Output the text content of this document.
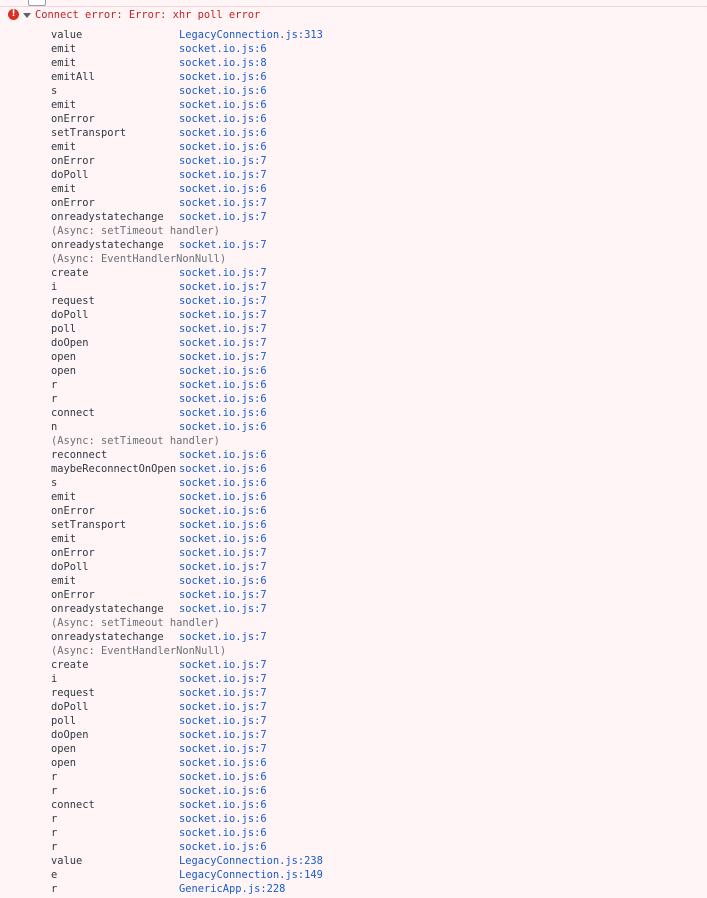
!	Connect error: Error: xhr poll error
value	LegacyConnection.js:313
emit	socket.io.js:6
emit	socket.io.js:8
emitAll	socket.io.js:6
s	socket.io.js:6
emit	socket.io.js:6
onError	socket.io.js:6
setTransport	socket.io.js:6
emit	socket.io.js:6
onError	socket.io.js:7
doPoll	socket.io.js:7
emit	socket.io.js:6
onError	socket.io.js:7
onreadystatechange socket.io.js:7
(Async: setTimeout handler)
onreadystatechange socket.io.js:7
(Async: EventHandlerNonNull)
create	socket.io.js:7
i	socket.io.js:7
request	socket.io.js:7
doPoll	socket.io.js:7
poll	socket.io.js:7
doOpen	socket.io.js:7
open	socket.io.js:7
open	socket.io.js:6
r	socket.io.js:6
r	socket.io.js:6
connect	socket.io.js:6
n	socket.io.js:6
(Async: setTimeout handler)
reconnect	socket.io.js:6
maybeReconnectOnOpen socket.io.js:6
s	socket.io.js:6
emit	socket.io.js:6
onError	socket.io.js:6
setTransport	socket.io.js:6
emit	socket.io.js:6
onError	socket.io.js:7
doPoll	socket.io.js:7
emit	socket.io.js:6
onError	socket.io.js:7
onreadystatechange socket.io.js:7
(Async: setTimeout handler)
onreadystatechange socket.io.js:7
(Async: EventHandlerNonNull)
create	socket.io.js:7
i	socket.io.js:7
request	socket.io.js:7
doPoll	socket.io.js:7
poll	socket.io.js:7
doOpen	socket.io.js:7
open	socket.io.js:7
open	socket.io.js:6
r	socket.io.js:6
r	socket.io.js:6
connect	socket.io.js:6
r	socket.io.js:6
r	socket.io.js:6
r	socket.io.js:6
value	LegacyConnection.js:238
e	LegacyConnection.js:149
r	GenericApp.js:228
